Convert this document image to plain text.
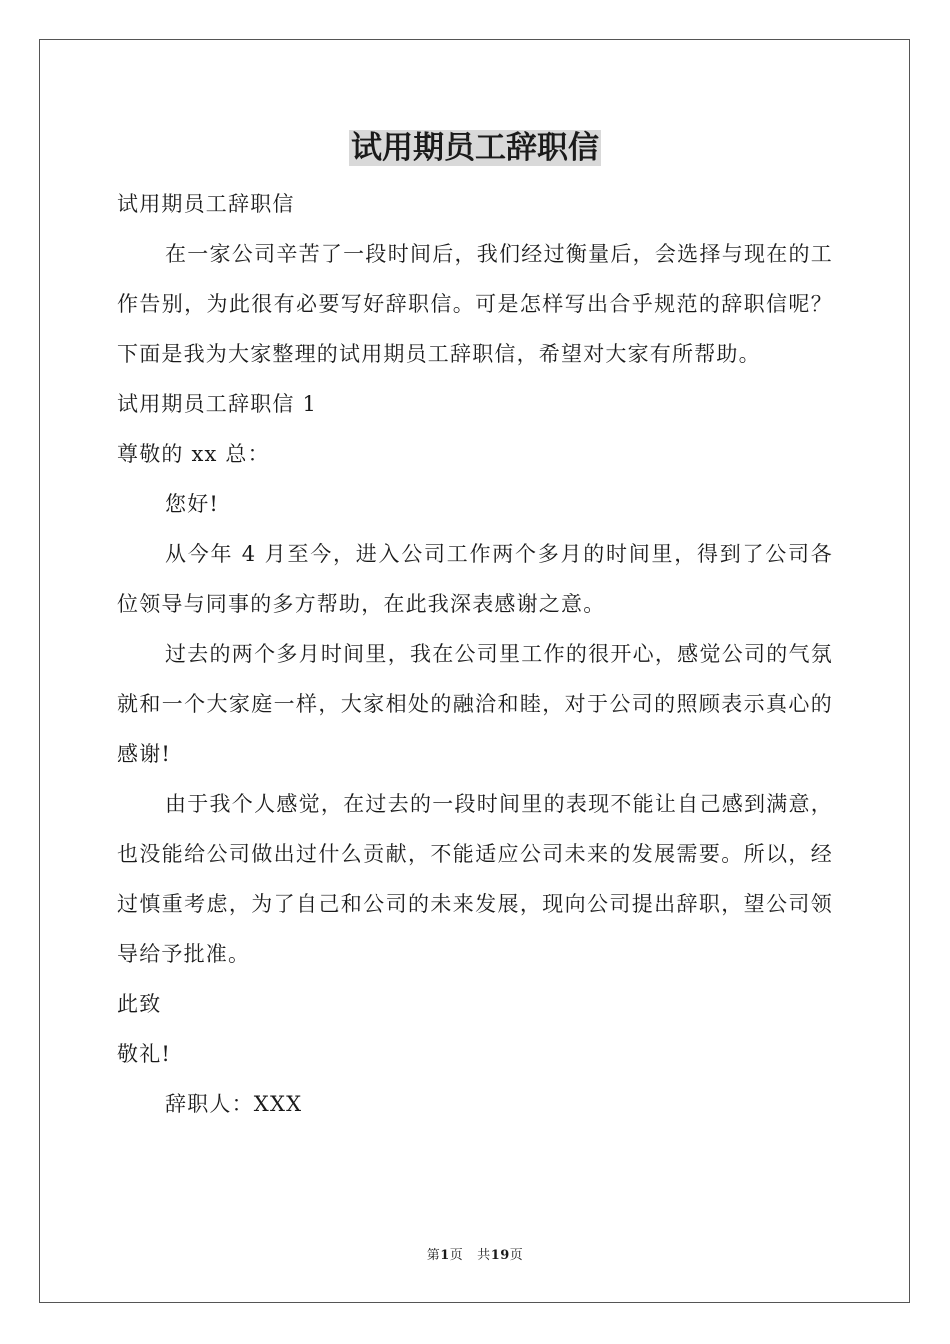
试用期员工辞职信

试用期员工辞职信

在一家公司辛苦了一段时间后，我们经过衡量后，会选择与现在的工作告别，为此很有必要写好辞职信。可是怎样写出合乎规范的辞职信呢？下面是我为大家整理的试用期员工辞职信，希望对大家有所帮助。

试用期员工辞职信 1

尊敬的 xx 总：

您好!

从今年 4 月至今，进入公司工作两个多月的时间里，得到了公司各位领导与同事的多方帮助，在此我深表感谢之意。

过去的两个多月时间里，我在公司里工作的很开心，感觉公司的气氛就和一个大家庭一样，大家相处的融洽和睦，对于公司的照顾表示真心的感谢!

由于我个人感觉，在过去的一段时间里的表现不能让自己感到满意，也没能给公司做出过什么贡献，不能适应公司未来的发展需要。所以，经过慎重考虑，为了自己和公司的未来发展，现向公司提出辞职，望公司领导给予批准。

此致

敬礼!

辞职人：XXX

第1页 共19页
